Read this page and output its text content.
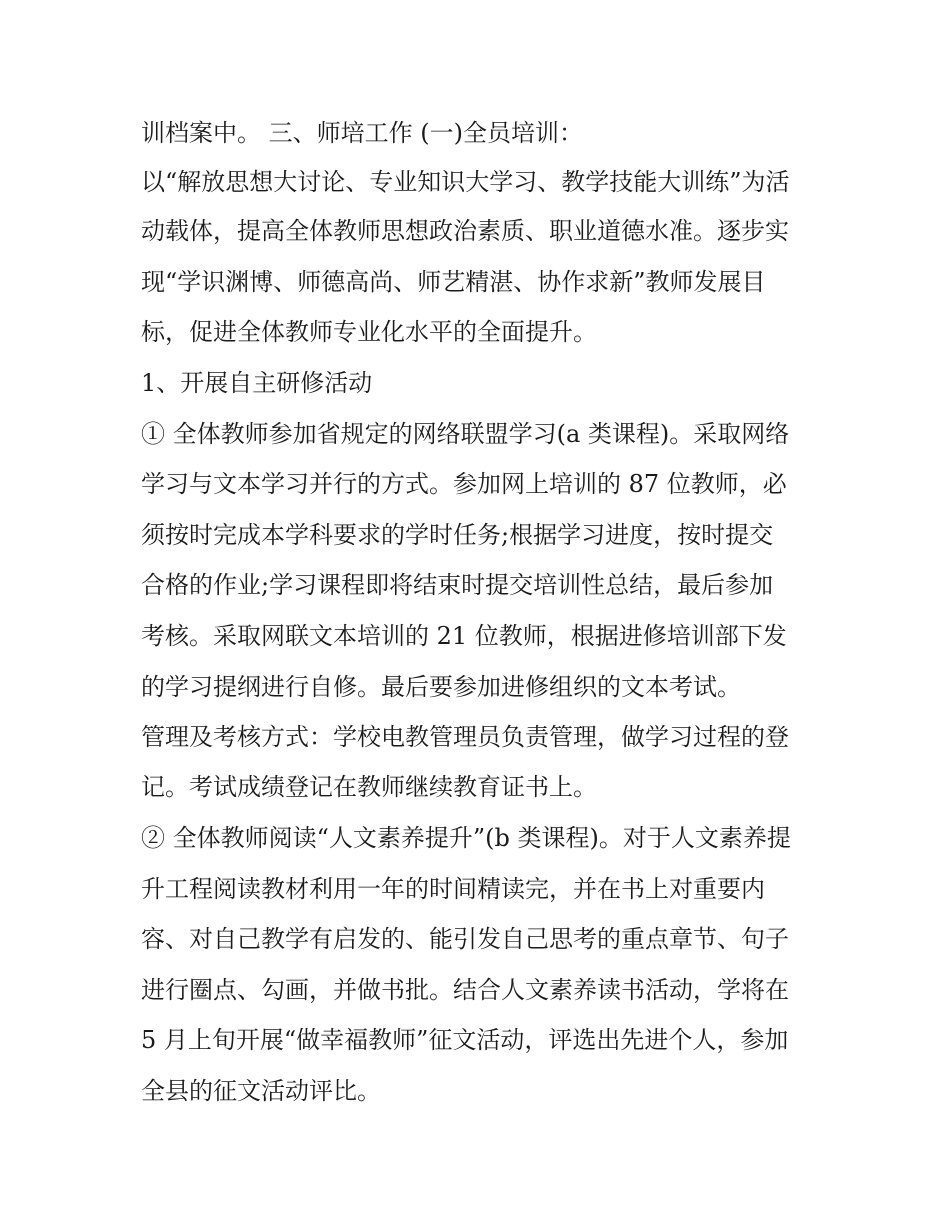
训档案中。 三、师培工作 (一)全员培训：
以“解放思想大讨论、专业知识大学习、教学技能大训练”为活
动载体，提高全体教师思想政治素质、职业道德水准。逐步实
现“学识渊博、师德高尚、师艺精湛、协作求新”教师发展目
标，促进全体教师专业化水平的全面提升。
1、开展自主研修活动
① 全体教师参加省规定的网络联盟学习(a 类课程)。采取网络
学习与文本学习并行的方式。参加网上培训的 87 位教师，必
须按时完成本学科要求的学时任务;根据学习进度，按时提交
合格的作业;学习课程即将结束时提交培训性总结，最后参加
考核。采取网联文本培训的 21 位教师，根据进修培训部下发
的学习提纲进行自修。最后要参加进修组织的文本考试。
管理及考核方式：学校电教管理员负责管理，做学习过程的登
记。考试成绩登记在教师继续教育证书上。
② 全体教师阅读“人文素养提升”(b 类课程)。对于人文素养提
升工程阅读教材利用一年的时间精读完，并在书上对重要内
容、对自己教学有启发的、能引发自己思考的重点章节、句子
进行圈点、勾画，并做书批。结合人文素养读书活动，学将在
5 月上旬开展“做幸福教师”征文活动，评选出先进个人，参加
全县的征文活动评比。
